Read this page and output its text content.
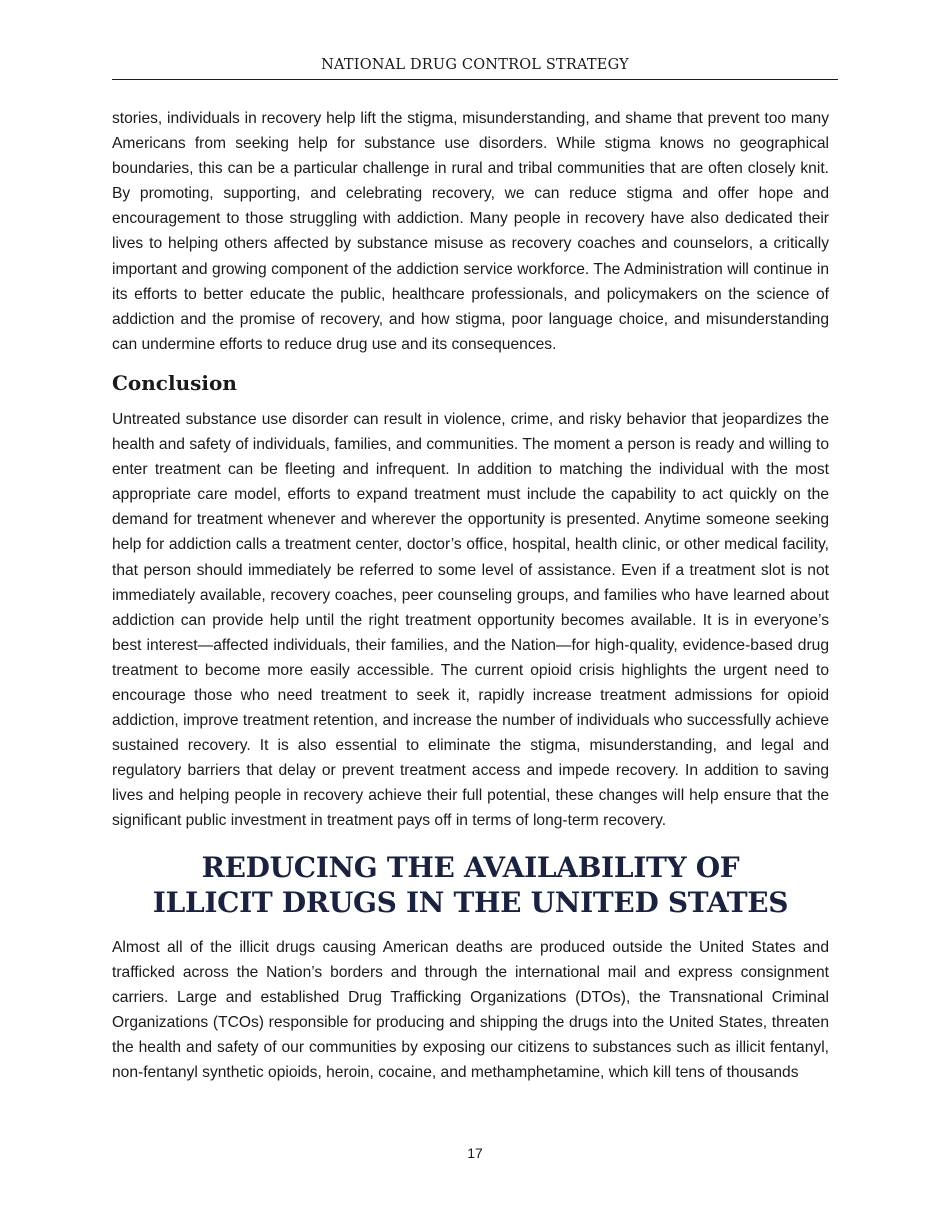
NATIONAL DRUG CONTROL STRATEGY

stories, individuals in recovery help lift the stigma, misunderstanding, and shame that prevent too many Americans from seeking help for substance use disorders. While stigma knows no geographical boundaries, this can be a particular challenge in rural and tribal communities that are often closely knit. By promoting, supporting, and celebrating recovery, we can reduce stigma and offer hope and encouragement to those struggling with addiction. Many people in recovery have also dedicated their lives to helping others affected by substance misuse as recovery coaches and counselors, a critically important and growing component of the addiction service workforce. The Administration will continue in its efforts to better educate the public, healthcare professionals, and policymakers on the science of addiction and the promise of recovery, and how stigma, poor language choice, and misunderstanding can undermine efforts to reduce drug use and its consequences.

Conclusion

Untreated substance use disorder can result in violence, crime, and risky behavior that jeopardizes the health and safety of individuals, families, and communities. The moment a person is ready and willing to enter treatment can be fleeting and infrequent. In addition to matching the individual with the most appropriate care model, efforts to expand treatment must include the capability to act quickly on the demand for treatment whenever and wherever the opportunity is presented. Anytime someone seeking help for addiction calls a treatment center, doctor’s office, hospital, health clinic, or other medical facility, that person should immediately be referred to some level of assistance. Even if a treatment slot is not immediately available, recovery coaches, peer counseling groups, and families who have learned about addiction can provide help until the right treatment opportunity becomes available. It is in everyone’s best interest—affected individuals, their families, and the Nation—for high-quality, evidence-based drug treatment to become more easily accessible. The current opioid crisis highlights the urgent need to encourage those who need treatment to seek it, rapidly increase treatment admissions for opioid addiction, improve treatment retention, and increase the number of individuals who successfully achieve sustained recovery. It is also essential to eliminate the stigma, misunderstanding, and legal and regulatory barriers that delay or prevent treatment access and impede recovery. In addition to saving lives and helping people in recovery achieve their full potential, these changes will help ensure that the significant public investment in treatment pays off in terms of long-term recovery.

REDUCING THE AVAILABILITY OF
ILLICIT DRUGS IN THE UNITED STATES

Almost all of the illicit drugs causing American deaths are produced outside the United States and trafficked across the Nation’s borders and through the international mail and express consignment carriers. Large and established Drug Trafficking Organizations (DTOs), the Transnational Criminal Organizations (TCOs) responsible for producing and shipping the drugs into the United States, threaten the health and safety of our communities by exposing our citizens to substances such as illicit fentanyl, non-fentanyl synthetic opioids, heroin, cocaine, and methamphetamine, which kill tens of thousands

17
